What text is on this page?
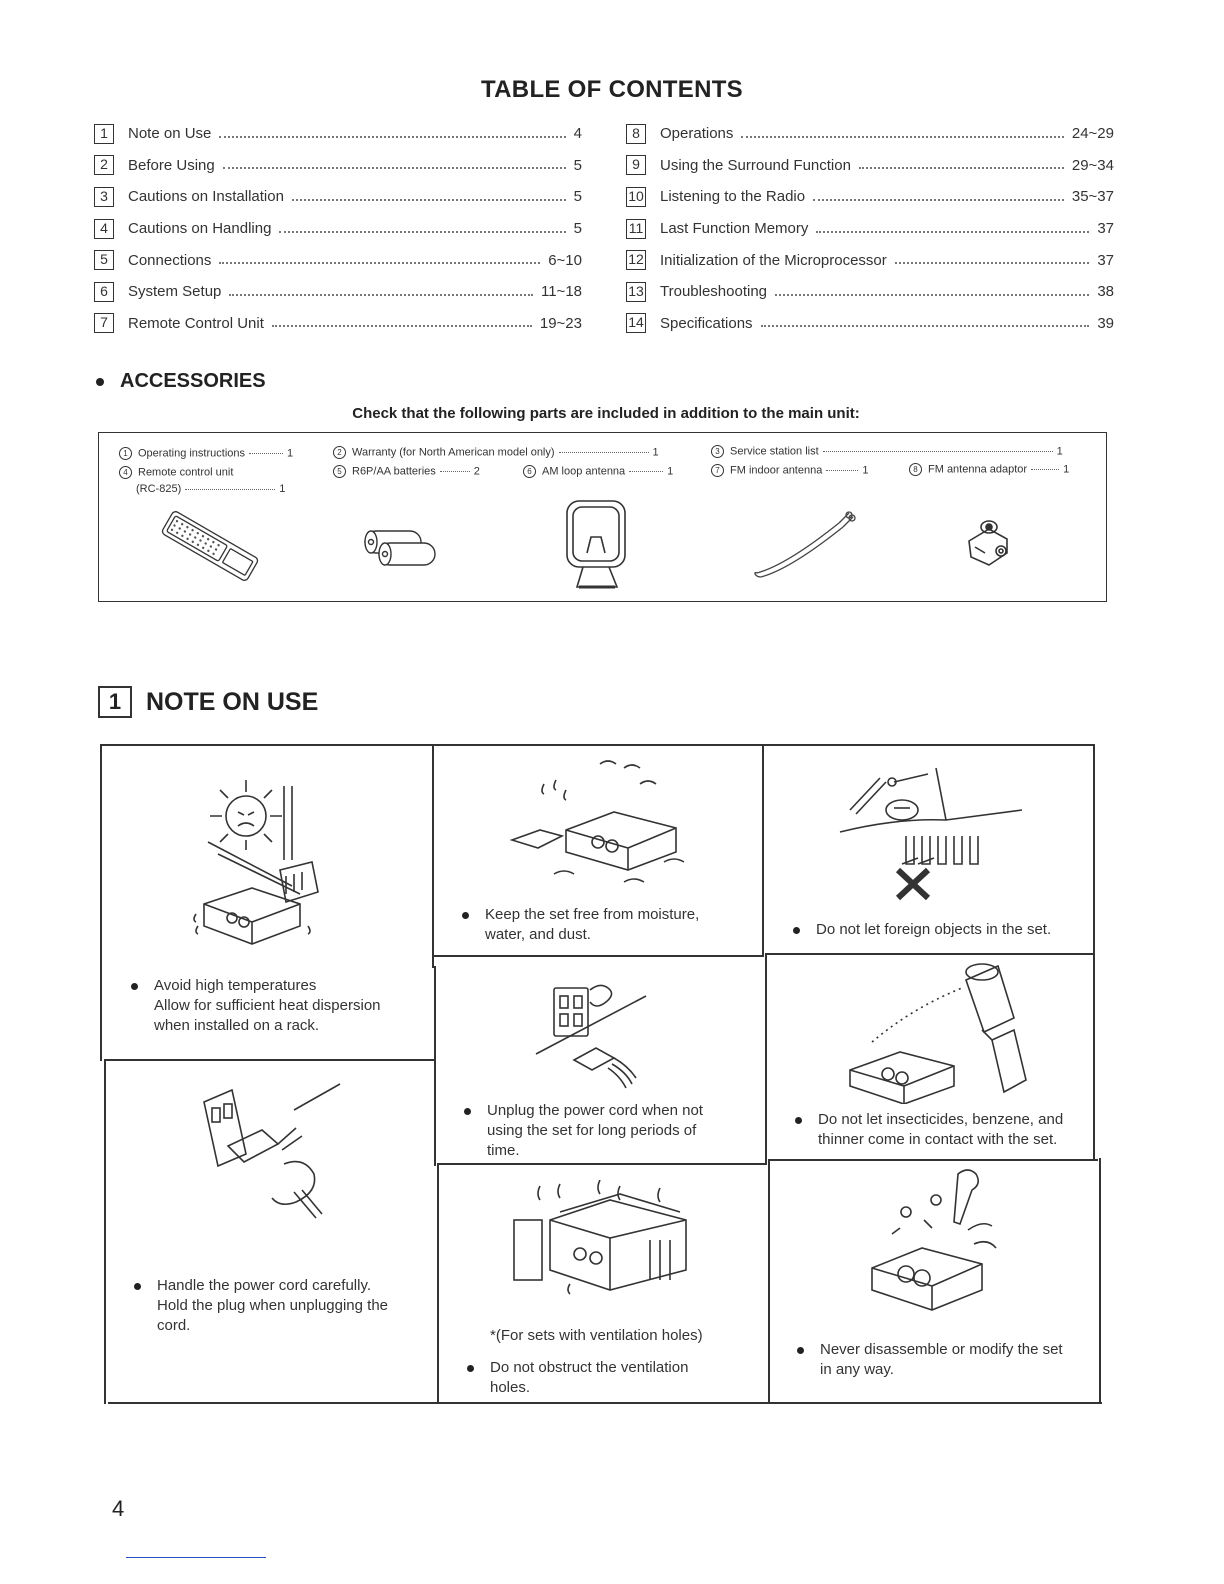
TABLE OF CONTENTS
1	Note on Use	4
2	Before Using	5
3	Cautions on Installation	5
4	Cautions on Handling	5
5	Connections	6~10
6	System Setup	11~18
7	Remote Control Unit	19~23
8	Operations	24~29
9	Using the Surround Function	29~34
10 Listening to the Radio	35~37
11 Last Function Memory	37
12 Initialization of the Microprocessor	37
13 Troubleshooting	38
14 Specifications	39
ACCESSORIES
Check that the following parts are included in addition to the main unit:
1 Operating instructions	1	2 Warranty (for North American model only)	1	3 Service station list	1
4 Remote control unit
(RC-825)	1
5 R6P/AA batteries	2	6 AM loop antenna	1	7 FM indoor antenna	1	8 FM antenna adaptor	1
1 NOTE ON USE
Avoid high temperatures
Allow for sufficient heat dispersion
when installed on a rack.
Keep the set free from moisture,
water, and dust.	Do not let foreign objects in the set.
Unplug the power cord when not
using the set for long periods of
time.
Do not let insecticides, benzene, and
thinner come in contact with the set.
Handle the power cord carefully.
Hold the plug when unplugging the
cord.
*(For sets with ventilation holes)
Do not obstruct the ventilation
holes.
Never disassemble or modify the set
in any way.
4
